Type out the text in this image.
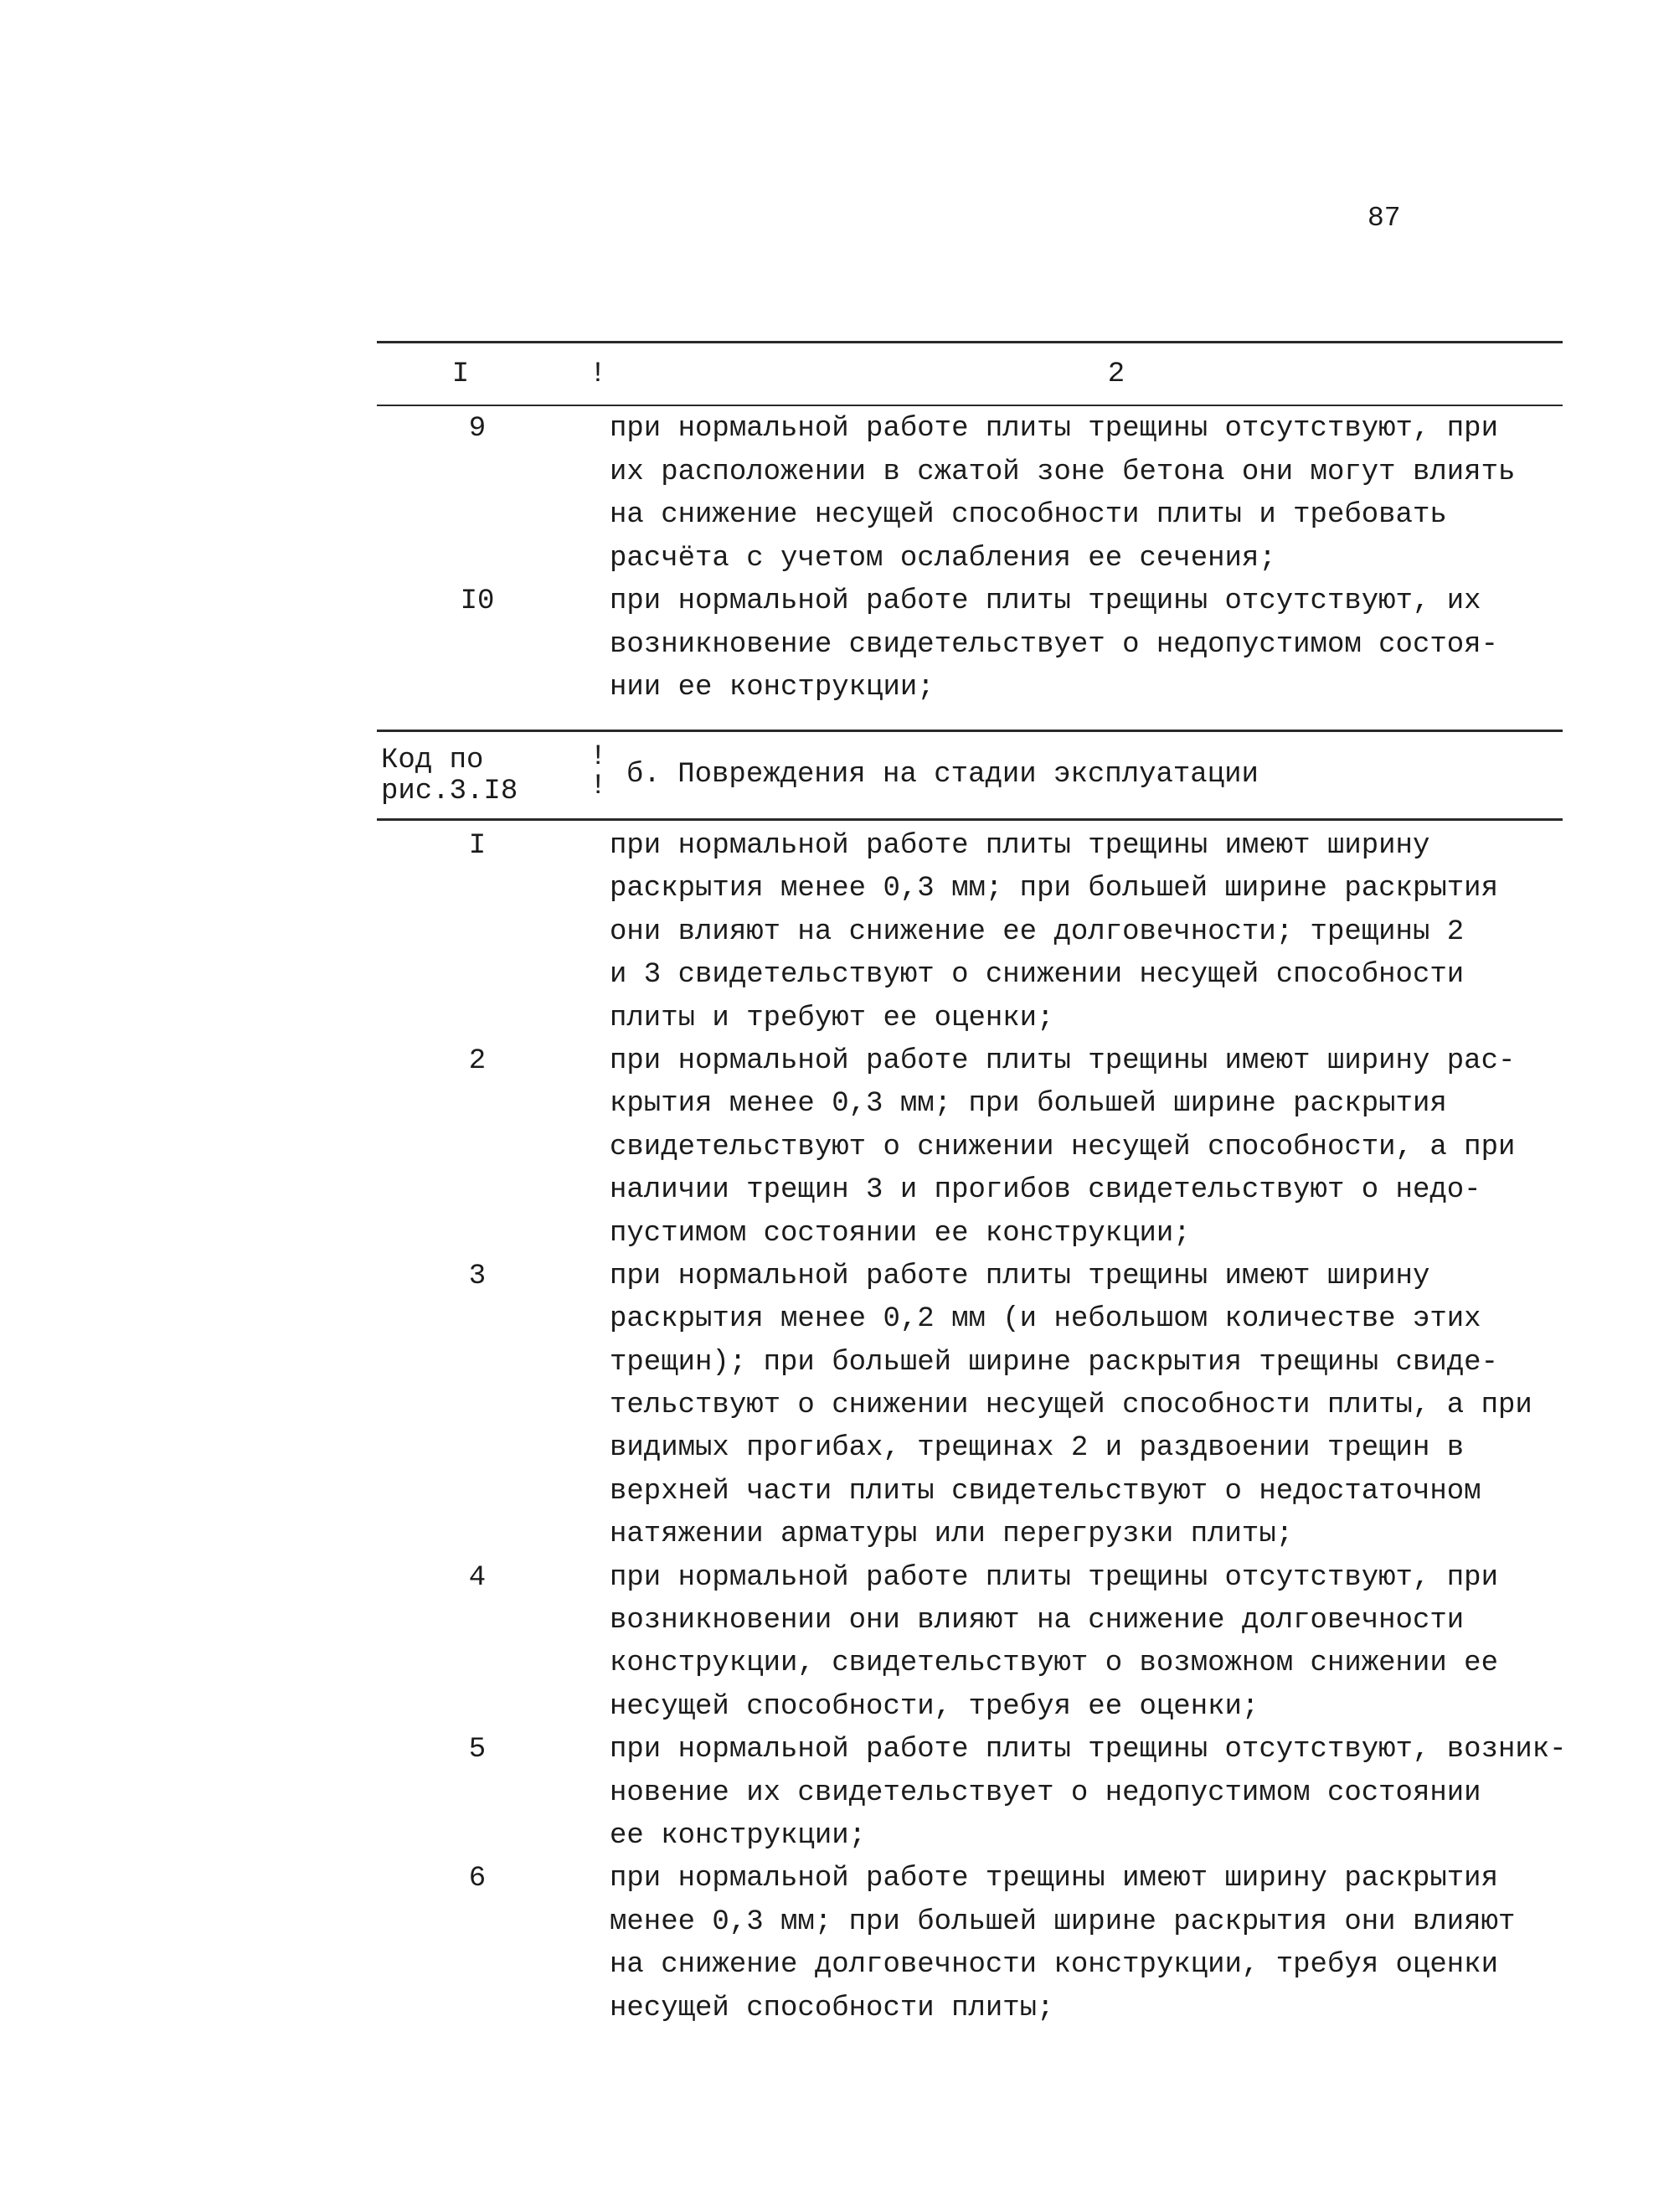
87
I	!	2
9	при нормальной работе плиты трещины отсутствуют, при
их расположении в сжатой зоне бетона они могут влиять
на снижение несущей способности плиты и требовать
расчёта с учетом ослабления ее сечения;
I0	при нормальной работе плиты трещины отсутствуют, их
возникновение свидетельствует о недопустимом состоя-
нии ее конструкции;
Код по
рис.3.I8
!
! б. Повреждения на стадии эксплуатации
I	при нормальной работе плиты трещины имеют ширину
раскрытия менее 0,3 мм; при большей ширине раскрытия
они влияют на снижение ее долговечности; трещины 2
и 3 свидетельствуют о снижении несущей способности
плиты и требуют ее оценки;
2	при нормальной работе плиты трещины имеют ширину рас-
крытия менее 0,3 мм; при большей ширине раскрытия
свидетельствуют о снижении несущей способности, а при
наличии трещин 3 и прогибов свидетельствуют о недо-
пустимом состоянии ее конструкции;
3	при нормальной работе плиты трещины имеют ширину
раскрытия менее 0,2 мм (и небольшом количестве этих
трещин); при большей ширине раскрытия трещины свиде-
тельствуют о снижении несущей способности плиты, а при
видимых прогибах, трещинах 2 и раздвоении трещин в
верхней части плиты свидетельствуют о недостаточном
натяжении арматуры или перегрузки плиты;
4	при нормальной работе плиты трещины отсутствуют, при
возникновении они влияют на снижение долговечности
конструкции, свидетельствуют о возможном снижении ее
несущей способности, требуя ее оценки;
5	при нормальной работе плиты трещины отсутствуют, возник-
новение их свидетельствует о недопустимом состоянии
ее конструкции;
6	при нормальной работе трещины имеют ширину раскрытия
менее 0,3 мм; при большей ширине раскрытия они влияют
на снижение долговечности конструкции, требуя оценки
несущей способности плиты;
